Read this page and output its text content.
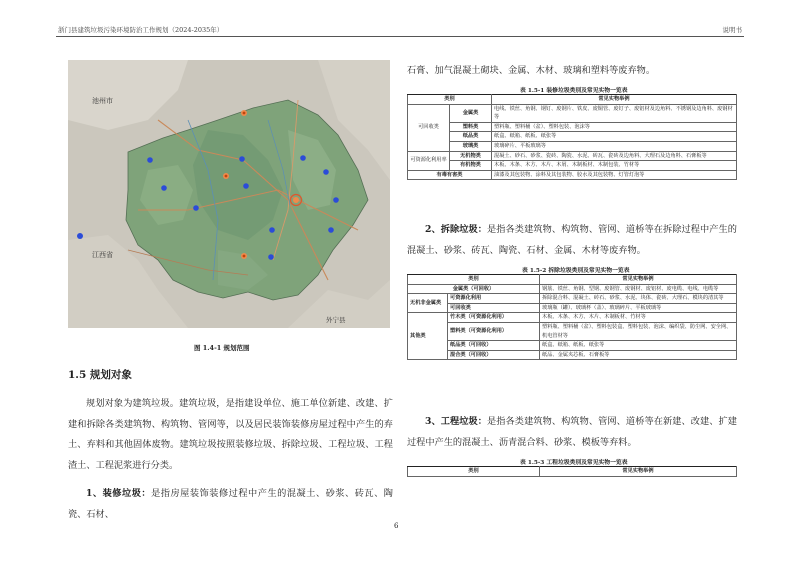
浙门县建筑垃圾污染环境防治工作规划（2024-2035年）	说明书
池州市
江西省
外宁县
图 1.4-1 规划范围
1.5 规划对象

规划对象为建筑垃圾。建筑垃圾，是指建设单位、施工单位新建、改建、扩建和拆除各类建筑物、构筑物、管网等，以及居民装饰装修房屋过程中产生的弃土、弃料和其他固体废物。建筑垃圾按照装修垃圾、拆除垃圾、工程垃圾、工程渣土、工程泥浆进行分类。

1、装修垃圾：是指房屋装饰装修过程中产生的混凝土、砂浆、砖瓦、陶瓷、石材、

石膏、加气混凝土砌块、金属、木材、玻璃和塑料等废弃物。

表 1.5-1 装修垃圾类别及常见实物一览表
类别		常见实物举例
可回收类	金属类	电线、铁丝、角钢、钢钉、废钢片、铁皮、废铜管、废钉子、废铝材及边角料、不锈钢及边角料、废钢材等
	塑料类	塑料瓶、塑料桶（盆）、塑料包装、泡沫等
	纸品类	纸盒、纸箱、纸板、纸张等
	玻璃类	玻璃碎片、平板玻璃等
可资源化利用率	无机物类	混凝土、砂石、砂浆、瓷砖、陶瓷、水泥、砖瓦、瓷砖及边角料、大理石及边角料、石膏板等
	有机物类	木板、木条、木方、木片、木屑、木制板材、木制包装、竹材等
有毒有害类		油漆及其包装物、涂料及其包装物、胶水及其包装物、灯管灯泡等

2、拆除垃圾：是指各类建筑物、构筑物、管网、道桥等在拆除过程中产生的混凝土、砂浆、砖瓦、陶瓷、石材、金属、木材等废弃物。

表 1.5-2 拆除垃圾类别及常见实物一览表
类别		常见实物举例
金属类（可回收）		钢筋、铁丝、角钢、型钢、废钢管、废钢材、废铝材、废电缆、电线、电缆等
无机非金属类	可资源化利用	拆除混合料、混凝土、砖石、砂浆、水泥、块体、瓷砖、大理石、模块的清其等
	可回收类	玻璃瓶（罐）、玻璃杯（盖）、玻璃碎片、平板玻璃等
其他类	竹木类（可资源化利用）	木板、木条、木方、木片、木制板材、竹材等
	塑料类（可资源化利用）	塑料瓶、塑料桶（盆）、塑料包装盒、塑料包装、泡沫、编织袋、防尘网、安全网、机电管材等
	纸品类（可回收）	纸盒、纸箱、纸板、纸张等
	混合类（可回收）	纸品、金属夹芯板、石膏板等

3、工程垃圾：是指各类建筑物、构筑物、管网、道桥等在新建、改建、扩建过程中产生的混凝土、沥青混合料、砂浆、模板等弃料。

表 1.5-3 工程垃圾类别及常见实物一览表
类别	常见实物举例
6
